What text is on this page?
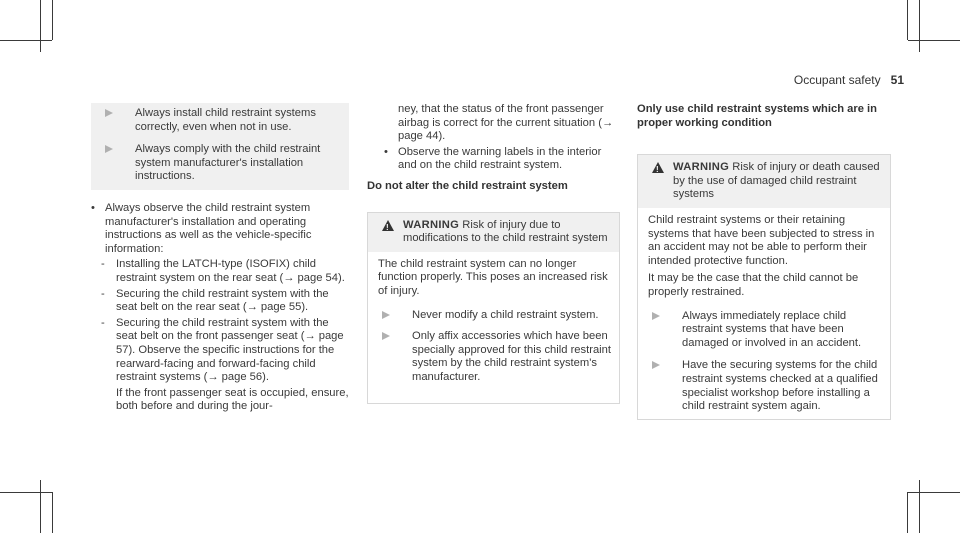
Occupant safety 51
Always install child restraint systems correctly, even when not in use.
Always comply with the child restraint system manufacturer's installation instructions.
• Always observe the child restraint system manufacturer's installation and operating instructions as well as the vehicle-specific information:
- Installing the LATCH-type (ISOFIX) child restraint system on the rear seat (→ page 54).
- Securing the child restraint system with the seat belt on the rear seat (→ page 55).
- Securing the child restraint system with the seat belt on the front passenger seat (→ page 57). Observe the specific instructions for the rearward-facing and forward-facing child restraint systems (→ page 56).

If the front passenger seat is occupied, ensure, both before and during the jour-

ney, that the status of the front passenger airbag is correct for the current situation (→ page 44).

• Observe the warning labels in the interior and on the child restraint system.

Do not alter the child restraint system

!
WARNING Risk of injury due to modifications to the child restraint system

The child restraint system can no longer function properly. This poses an increased risk of injury.

Never modify a child restraint system.
Only affix accessories which have been specially approved for this child restraint system by the child restraint system's manufacturer.

Only use child restraint systems which are in proper working condition

!
WARNING Risk of injury or death caused by the use of damaged child restraint systems

Child restraint systems or their retaining systems that have been subjected to stress in an accident may not be able to perform their intended protective function.

It may be the case that the child cannot be properly restrained.

Always immediately replace child restraint systems that have been damaged or involved in an accident.
Have the securing systems for the child restraint systems checked at a qualified specialist workshop before installing a child restraint system again.
